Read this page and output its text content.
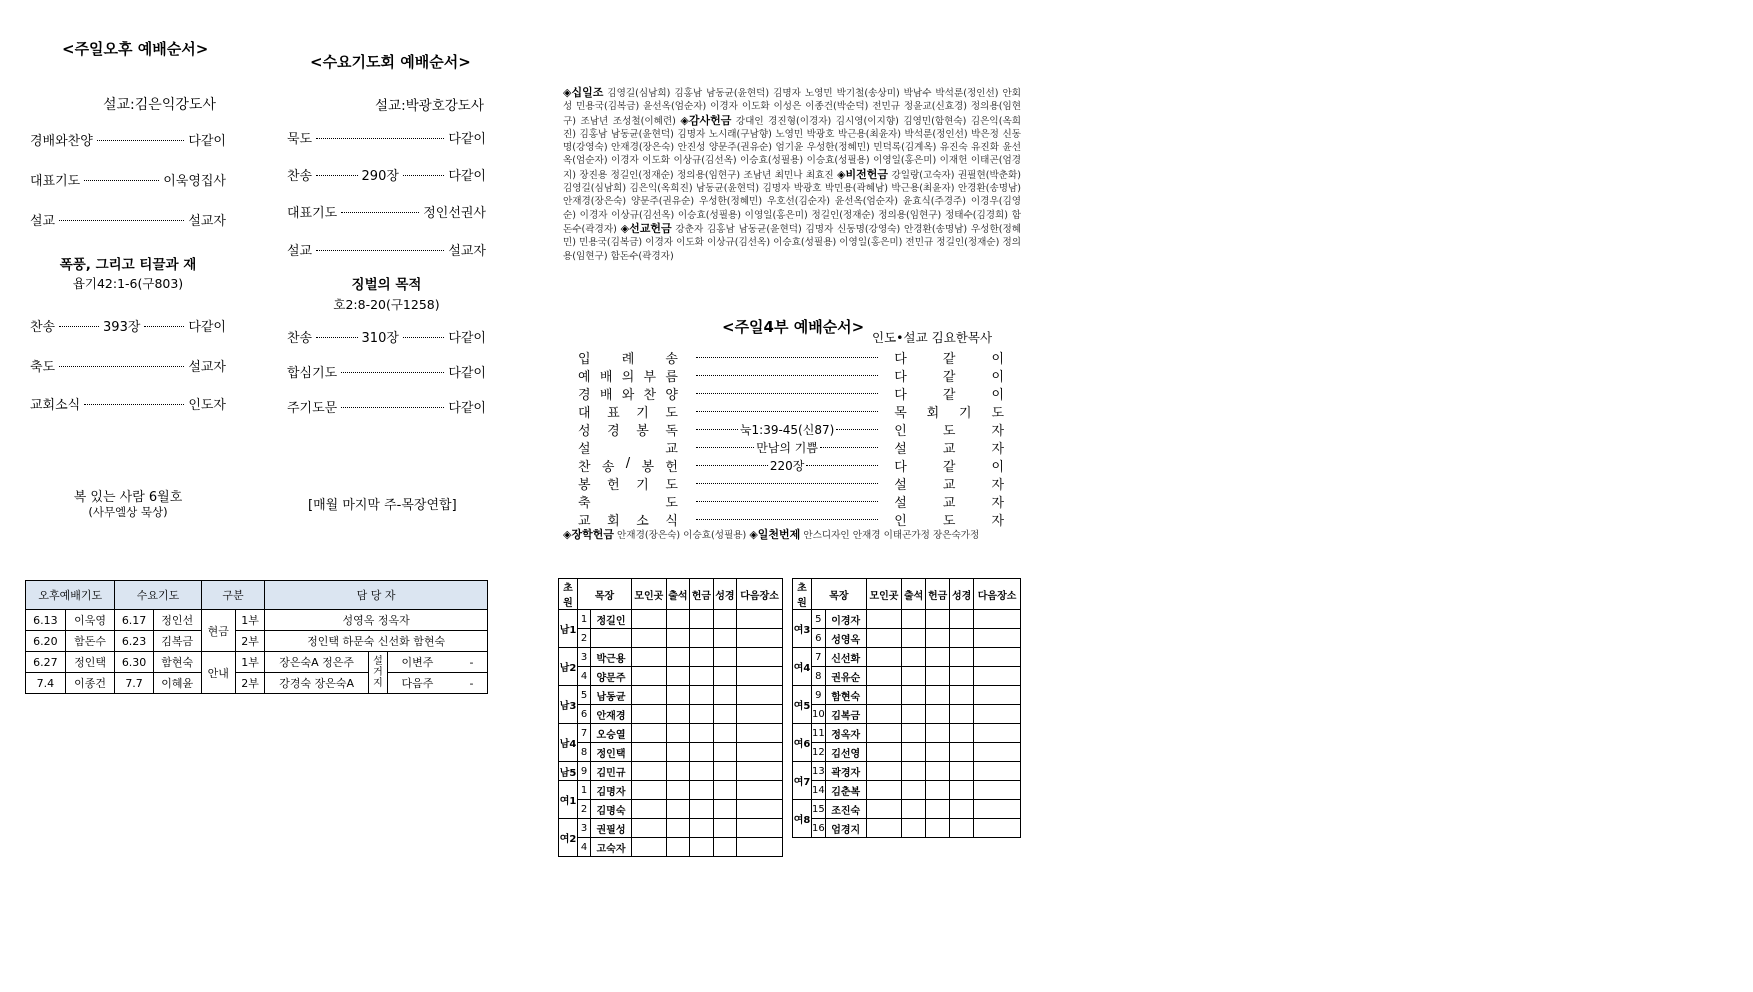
<주일오후 예배순서>
설교:김은익강도사
경배와찬양	다같이
대표기도	이욱영집사
설교	설교자
폭풍, 그리고 티끌과 재
욥기42:1-6(구803)
찬송	393장	다같이
축도	설교자
교회소식	인도자
복 있는 사람 6월호
(사무엘상 묵상)
<수요기도회 예배순서>
설교:박광호강도사
묵도	다같이
찬송	290장	다같이
대표기도	정인선권사
설교	설교자
징벌의 목적
호2:8-20(구1258)
찬송	310장	다같이
합심기도	다같이
주기도문	다같이
[매월 마지막 주-목장연합]
◈십일조 김영길(심남희) 김홍남 남동균(윤현덕) 김명자 노영민 박기철(송상미) 박남수 박석룬(정인선) 안회성 민용국(김복금) 윤선옥(엄순자) 이경자 이도화 이성은 이종건(박순덕) 전민규 정윤교(신효경) 정의용(임현구) 조남년 조성철(이혜련) ◈감사헌금 강대인 경진형(이경자) 김시영(이지향) 김영민(함현숙) 김은익(옥희진) 김홍남 남동균(윤현덕) 김명자 노시래(구남향) 노영민 박광호 박근용(최윤자) 박석룬(정인선) 박은정 신동명(강영숙) 안재경(장은숙) 안진성 양문주(권유순) 엄기윤 우성한(정혜민) 민덕록(김계옥) 유진숙 유진화 윤선옥(엄순자) 이경자 이도화 이상규(김선옥) 이승효(성필용) 이승효(성필용) 이영일(홍은미) 이재헌 이태곤(엄경지) 장진용 정길인(정재순) 정의용(임현구) 조남년 최민나 최효진 ◈비전헌금 강일랑(고숙자) 권필현(박춘화) 김영길(심남희) 김은익(옥희진) 남동균(윤현덕) 김명자 박광호 박민용(곽혜남) 박근용(최윤자) 안경환(송명남) 안재경(장은숙) 양문주(권유순) 우성한(정혜민) 우호선(김순자) 윤선옥(엄순자) 윤효식(주경주) 이경우(김영순) 이경자 이상규(김선옥) 이승효(성필용) 이영일(홍은미) 정길인(정재순) 정의용(임현구) 정태수(김경희) 함돈수(곽경자) ◈선교헌금 강춘자 김홍남 남동균(윤현덕) 김명자 신동명(강영숙) 안경환(송명남) 우성한(정혜민) 민용국(김복금) 이경자 이도화 이상규(김선옥) 이승효(성필용) 이영일(홍은미) 전민규 정길인(정재순) 정의용(임현구) 함돈수(곽경자)
<주일4부 예배순서>
인도•설교 김요한목사
입 례 송	다	같	이
예 배 의 부 름	다	같	이
경 배 와 찬 양	다	같	이
대 표 기 도	목 회 기 도
성 경 봉 독	눅1:39-45(신87)	인	도	자
설	교	만남의 기쁨	설	교	자
찬 송 / 봉 헌	220장	다	같	이
봉 헌 기 도	설	교	자
축	도	설	교	자
교 회 소 식	인	도	자
◈장학헌금 안재경(장은숙) 이승효(성필용) ◈일천번제 안스디자인 안재경 이태곤가정 장은숙가정
오후예배기도		수요기도		구분		담 당 자		
6.13	이욱영	6.17	정인선	현금	1부	성영옥 정옥자		
6.20	함돈수	6.23	김복금		2부	정인택 하문숙 신선화 함현숙		
6.27	정인택	6.30	함현숙	안내	1부	장은숙A 정은주	설거지	이변주 -
7.4	이종건	7.7	이혜윤		2부	강경숙 장은숙A		다음주 -
초원	목장		모인곳	출석	헌금	성경	다음장소
남1	1	정길인					
	2						
남2	3	박근용					
	4	양문주					
남3	5	남동균					
	6	안재경					
남4	7	오승열					
	8	정인택					
남5	9	김민규					
여1	1	김명자					
	2	김명숙					
여2	3	권필성					
	4	고숙자					
초원	목장		모인곳	출석	헌금	성경	다음장소
여3	5	이경자					
	6	성영옥					
여4	7	신선화					
	8	권유순					
여5	9	함현숙					
	10	김복금					
여6	11	정옥자					
	12	김선영					
여7	13	곽경자					
	14	김춘복					
여8	15	조진숙					
	16	엄경지					
